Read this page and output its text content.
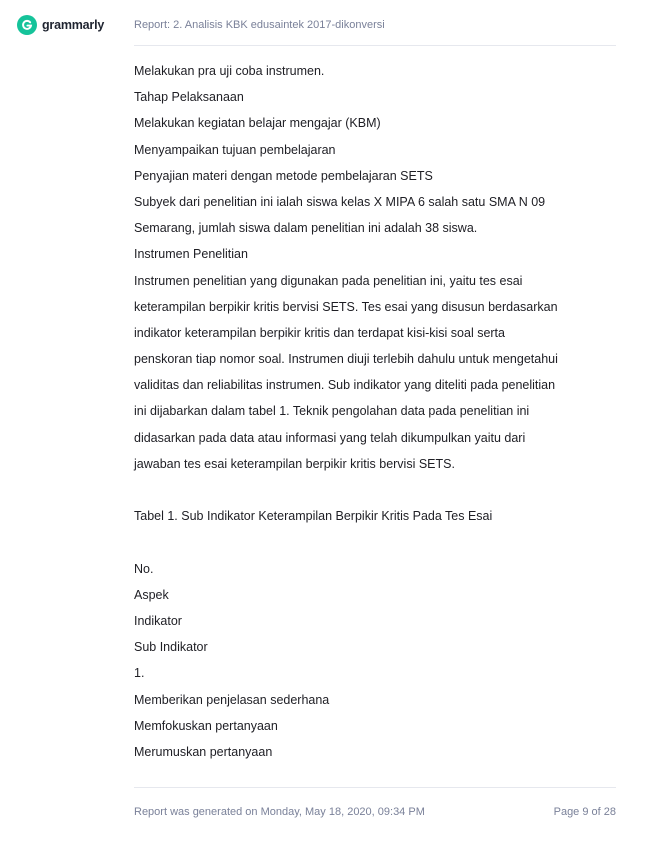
grammarly	Report: 2. Analisis KBK edusaintek 2017-dikonversi
Melakukan pra uji coba instrumen.
Tahap Pelaksanaan
Melakukan kegiatan belajar mengajar (KBM)
Menyampaikan tujuan pembelajaran
Penyajian materi dengan metode pembelajaran SETS
Subyek dari penelitian ini ialah siswa kelas X MIPA 6 salah satu SMA N 09
Semarang, jumlah siswa dalam penelitian ini adalah 38 siswa.
Instrumen Penelitian
Instrumen penelitian yang digunakan pada penelitian ini, yaitu tes esai
keterampilan berpikir kritis bervisi SETS. Tes esai yang disusun berdasarkan
indikator keterampilan berpikir kritis dan terdapat kisi-kisi soal serta
penskoran tiap nomor soal. Instrumen diuji terlebih dahulu untuk mengetahui
validitas dan reliabilitas instrumen. Sub indikator yang diteliti pada penelitian
ini dijabarkan dalam tabel 1. Teknik pengolahan data pada penelitian ini
didasarkan pada data atau informasi yang telah dikumpulkan yaitu dari
jawaban tes esai keterampilan berpikir kritis bervisi SETS.
Tabel 1. Sub Indikator Keterampilan Berpikir Kritis Pada Tes Esai
No.
Aspek
Indikator
Sub Indikator
1.
Memberikan penjelasan sederhana
Memfokuskan pertanyaan
Merumuskan pertanyaan
Report was generated on Monday, May 18, 2020, 09:34 PM	Page 9 of 28
